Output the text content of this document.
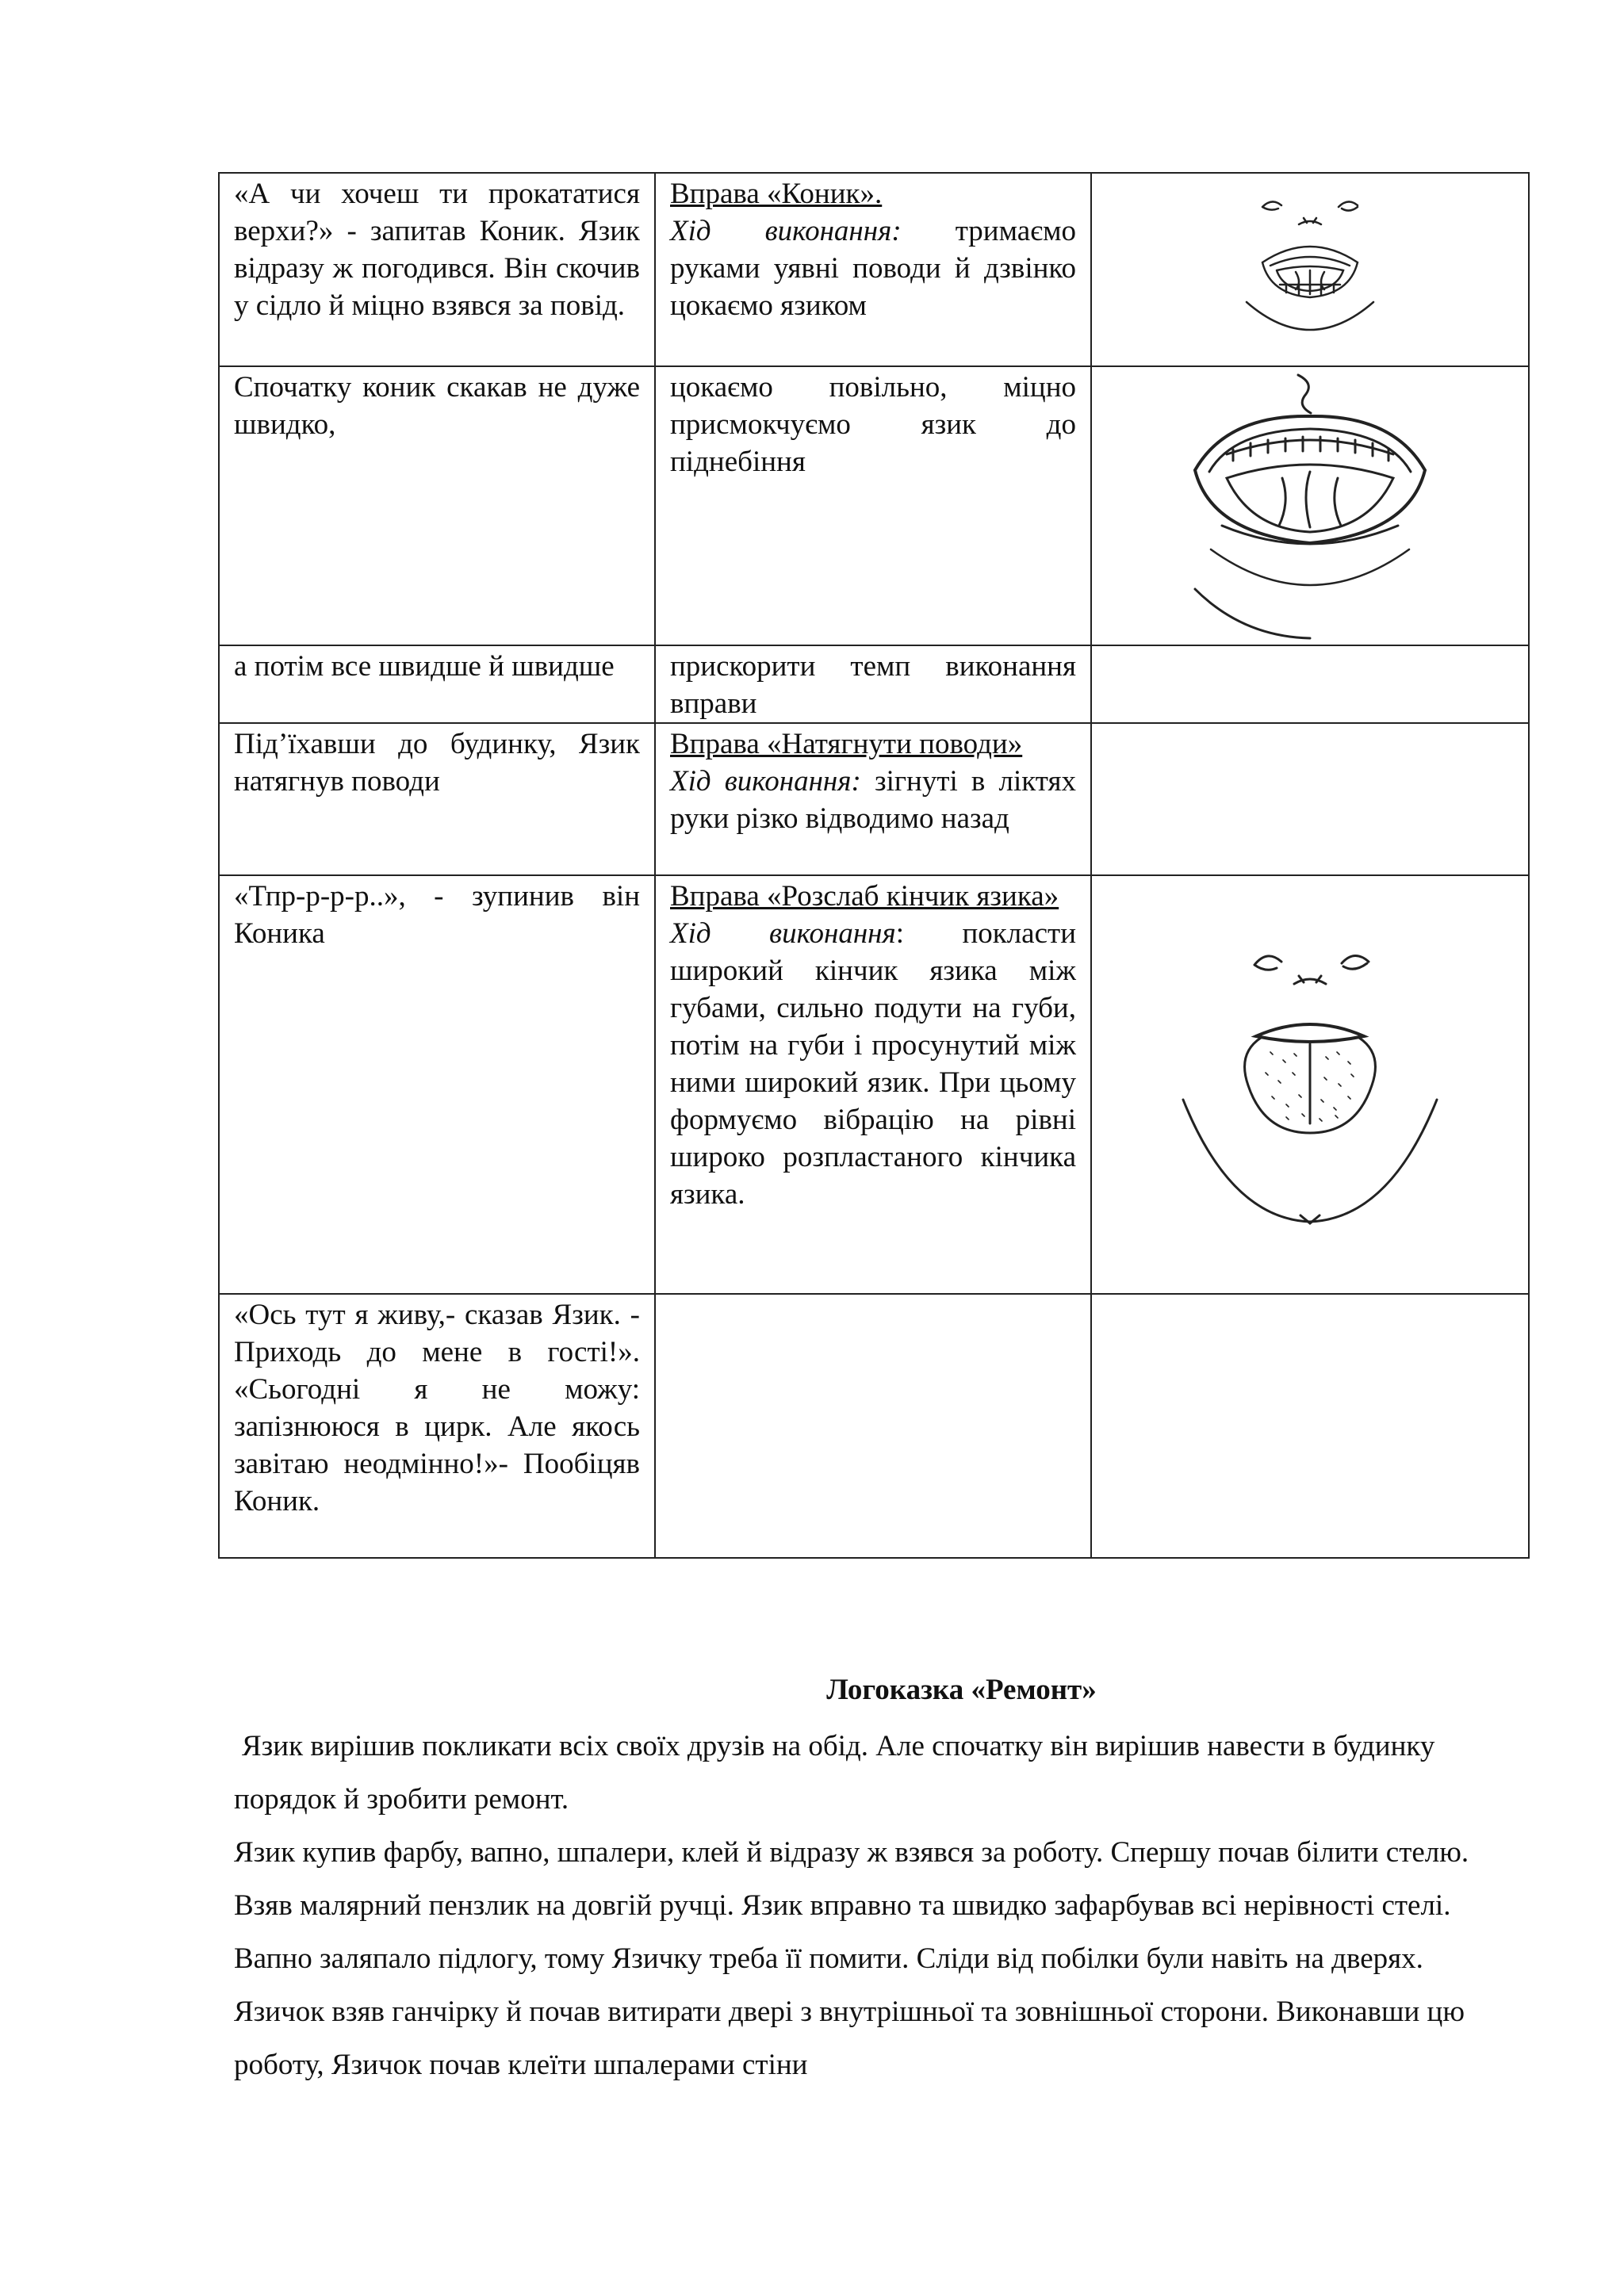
«А чи хочеш ти прокататися верхи?» - запитав Коник. Язик відразу ж погодився. Він скочив у сідло й міцно взявся за повід.	Вправа «Коник».
Хід виконання: тримаємо руками уявні поводи й дзвінко цокаємо язиком	

Спочатку коник скакав не дуже швидко,	цокаємо повільно, міцно присмокчуємо язик до піднебіння	

а потім все швидше й швидше	прискорити темп виконання вправи	
Під’їхавши до будинку, Язик натягнув поводи	Вправа «Натягнути поводи»
Хід виконання: зігнуті в ліктях руки різко відводимо назад	
«Тпр-р-р-р..», - зупинив він Коника	Вправа «Розслаб кінчик язика»
Хід виконання: покласти широкий кінчик язика між губами, сильно подути на губи, потім на губи і просунутий між ними широкий язик. При цьому формуємо вібрацію на рівні широко розпластаного кінчика язика.	

«Ось тут я живу,- сказав Язик. - Приходь до мене в гості!». «Сьогодні я не можу: запізнююся в цирк. Але якось завітаю неодмінно!»- Пообіцяв Коник.		
Логоказка «Ремонт»

Язик вирішив покликати всіх своїх друзів на обід. Але спочатку він вирішив навести в будинку порядок й зробити ремонт.

Язик купив фарбу, вапно, шпалери, клей й відразу ж взявся за роботу. Спершу почав білити стелю. Взяв малярний пензлик на довгій ручці. Язик вправно та швидко зафарбував всі нерівності стелі. Вапно заляпало підлогу, тому Язичку треба її помити. Сліди від побілки були навіть на дверях. Язичок взяв ганчірку й почав витирати двері з внутрішньої та зовнішньої сторони. Виконавши цю роботу, Язичок почав клеїти шпалерами стіни
